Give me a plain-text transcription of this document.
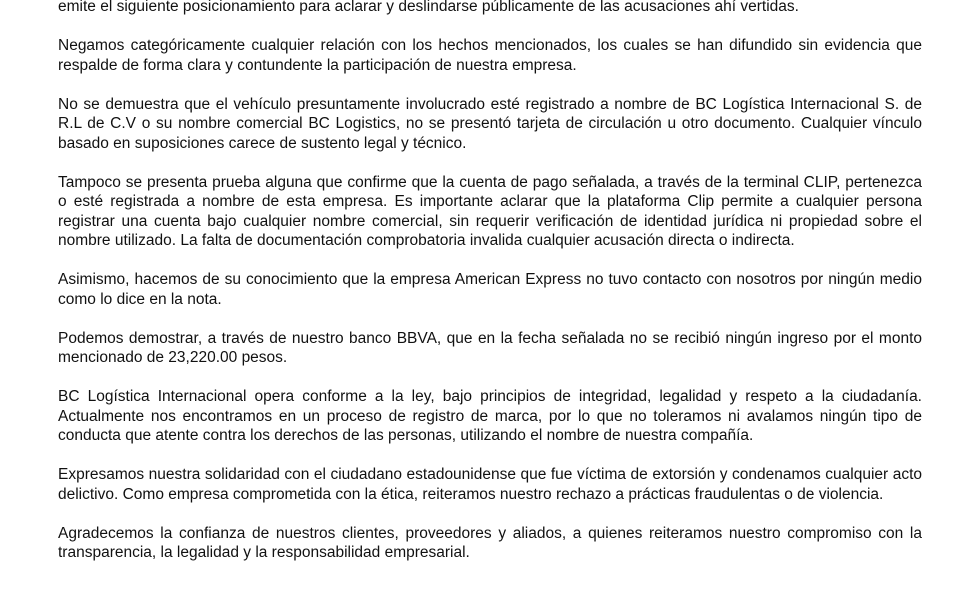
emite el siguiente posicionamiento para aclarar y deslindarse públicamente de las acusaciones ahí vertidas.

Negamos categóricamente cualquier relación con los hechos mencionados, los cuales se han difundido sin evidencia que respalde de forma clara y contundente la participación de nuestra empresa.

No se demuestra que el vehículo presuntamente involucrado esté registrado a nombre de BC Logística Internacional S. de R.L de C.V o su nombre comercial BC Logistics, no se presentó tarjeta de circulación u otro documento. Cualquier vínculo basado en suposiciones carece de sustento legal y técnico.

Tampoco se presenta prueba alguna que confirme que la cuenta de pago señalada, a través de la terminal CLIP, pertenezca o esté registrada a nombre de esta empresa. Es importante aclarar que la plataforma Clip permite a cualquier persona registrar una cuenta bajo cualquier nombre comercial, sin requerir verificación de identidad jurídica ni propiedad sobre el nombre utilizado. La falta de documentación comprobatoria invalida cualquier acusación directa o indirecta.

Asimismo, hacemos de su conocimiento que la empresa American Express no tuvo contacto con nosotros por ningún medio como lo dice en la nota.

Podemos demostrar, a través de nuestro banco BBVA, que en la fecha señalada no se recibió ningún ingreso por el monto mencionado de 23,220.00 pesos.

BC Logística Internacional opera conforme a la ley, bajo principios de integridad, legalidad y respeto a la ciudadanía. Actualmente nos encontramos en un proceso de registro de marca, por lo que no toleramos ni avalamos ningún tipo de conducta que atente contra los derechos de las personas, utilizando el nombre de nuestra compañía.

Expresamos nuestra solidaridad con el ciudadano estadounidense que fue víctima de extorsión y condenamos cualquier acto delictivo. Como empresa comprometida con la ética, reiteramos nuestro rechazo a prácticas fraudulentas o de violencia.

Agradecemos la confianza de nuestros clientes, proveedores y aliados, a quienes reiteramos nuestro compromiso con la transparencia, la legalidad y la responsabilidad empresarial.
